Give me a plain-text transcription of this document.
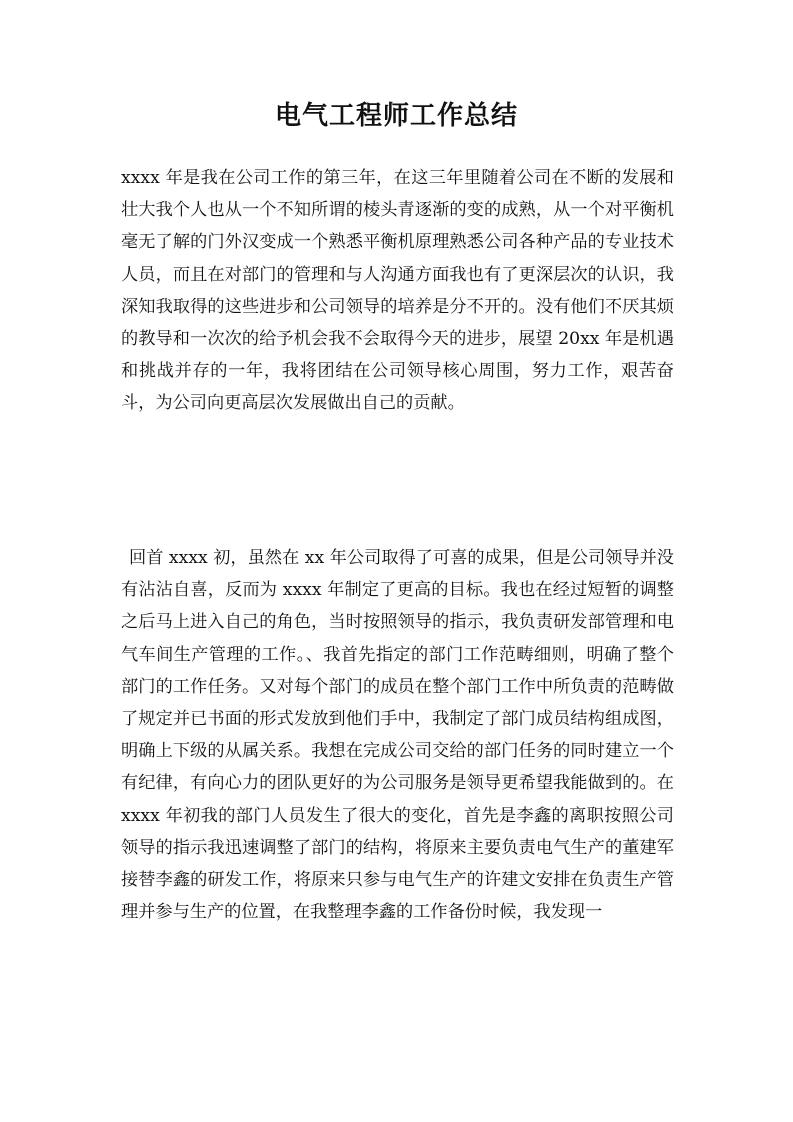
电气工程师工作总结

xxxx 年是我在公司工作的第三年，在这三年里随着公司在不断的发展和壮大我个人也从一个不知所谓的棱头青逐渐的变的成熟，从一个对平衡机毫无了解的门外汉变成一个熟悉平衡机原理熟悉公司各种产品的专业技术人员，而且在对部门的管理和与人沟通方面我也有了更深层次的认识，我深知我取得的这些进步和公司领导的培养是分不开的。没有他们不厌其烦的教导和一次次的给予机会我不会取得今天的进步，展望 20xx 年是机遇和挑战并存的一年，我将团结在公司领导核心周围，努力工作，艰苦奋斗，为公司向更高层次发展做出自己的贡献。

回首 xxxx 初，虽然在 xx 年公司取得了可喜的成果，但是公司领导并没有沾沾自喜，反而为 xxxx 年制定了更高的目标。我也在经过短暂的调整之后马上进入自己的角色，当时按照领导的指示，我负责研发部管理和电气车间生产管理的工作。、我首先指定的部门工作范畴细则，明确了整个部门的工作任务。又对每个部门的成员在整个部门工作中所负责的范畴做了规定并已书面的形式发放到他们手中，我制定了部门成员结构组成图，明确上下级的从属关系。我想在完成公司交给的部门任务的同时建立一个有纪律，有向心力的团队更好的为公司服务是领导更希望我能做到的。在 xxxx 年初我的部门人员发生了很大的变化，首先是李鑫的离职按照公司领导的指示我迅速调整了部门的结构，将原来主要负责电气生产的董建军接替李鑫的研发工作，将原来只参与电气生产的许建文安排在负责生产管理并参与生产的位置，在我整理李鑫的工作备份时候，我发现一
